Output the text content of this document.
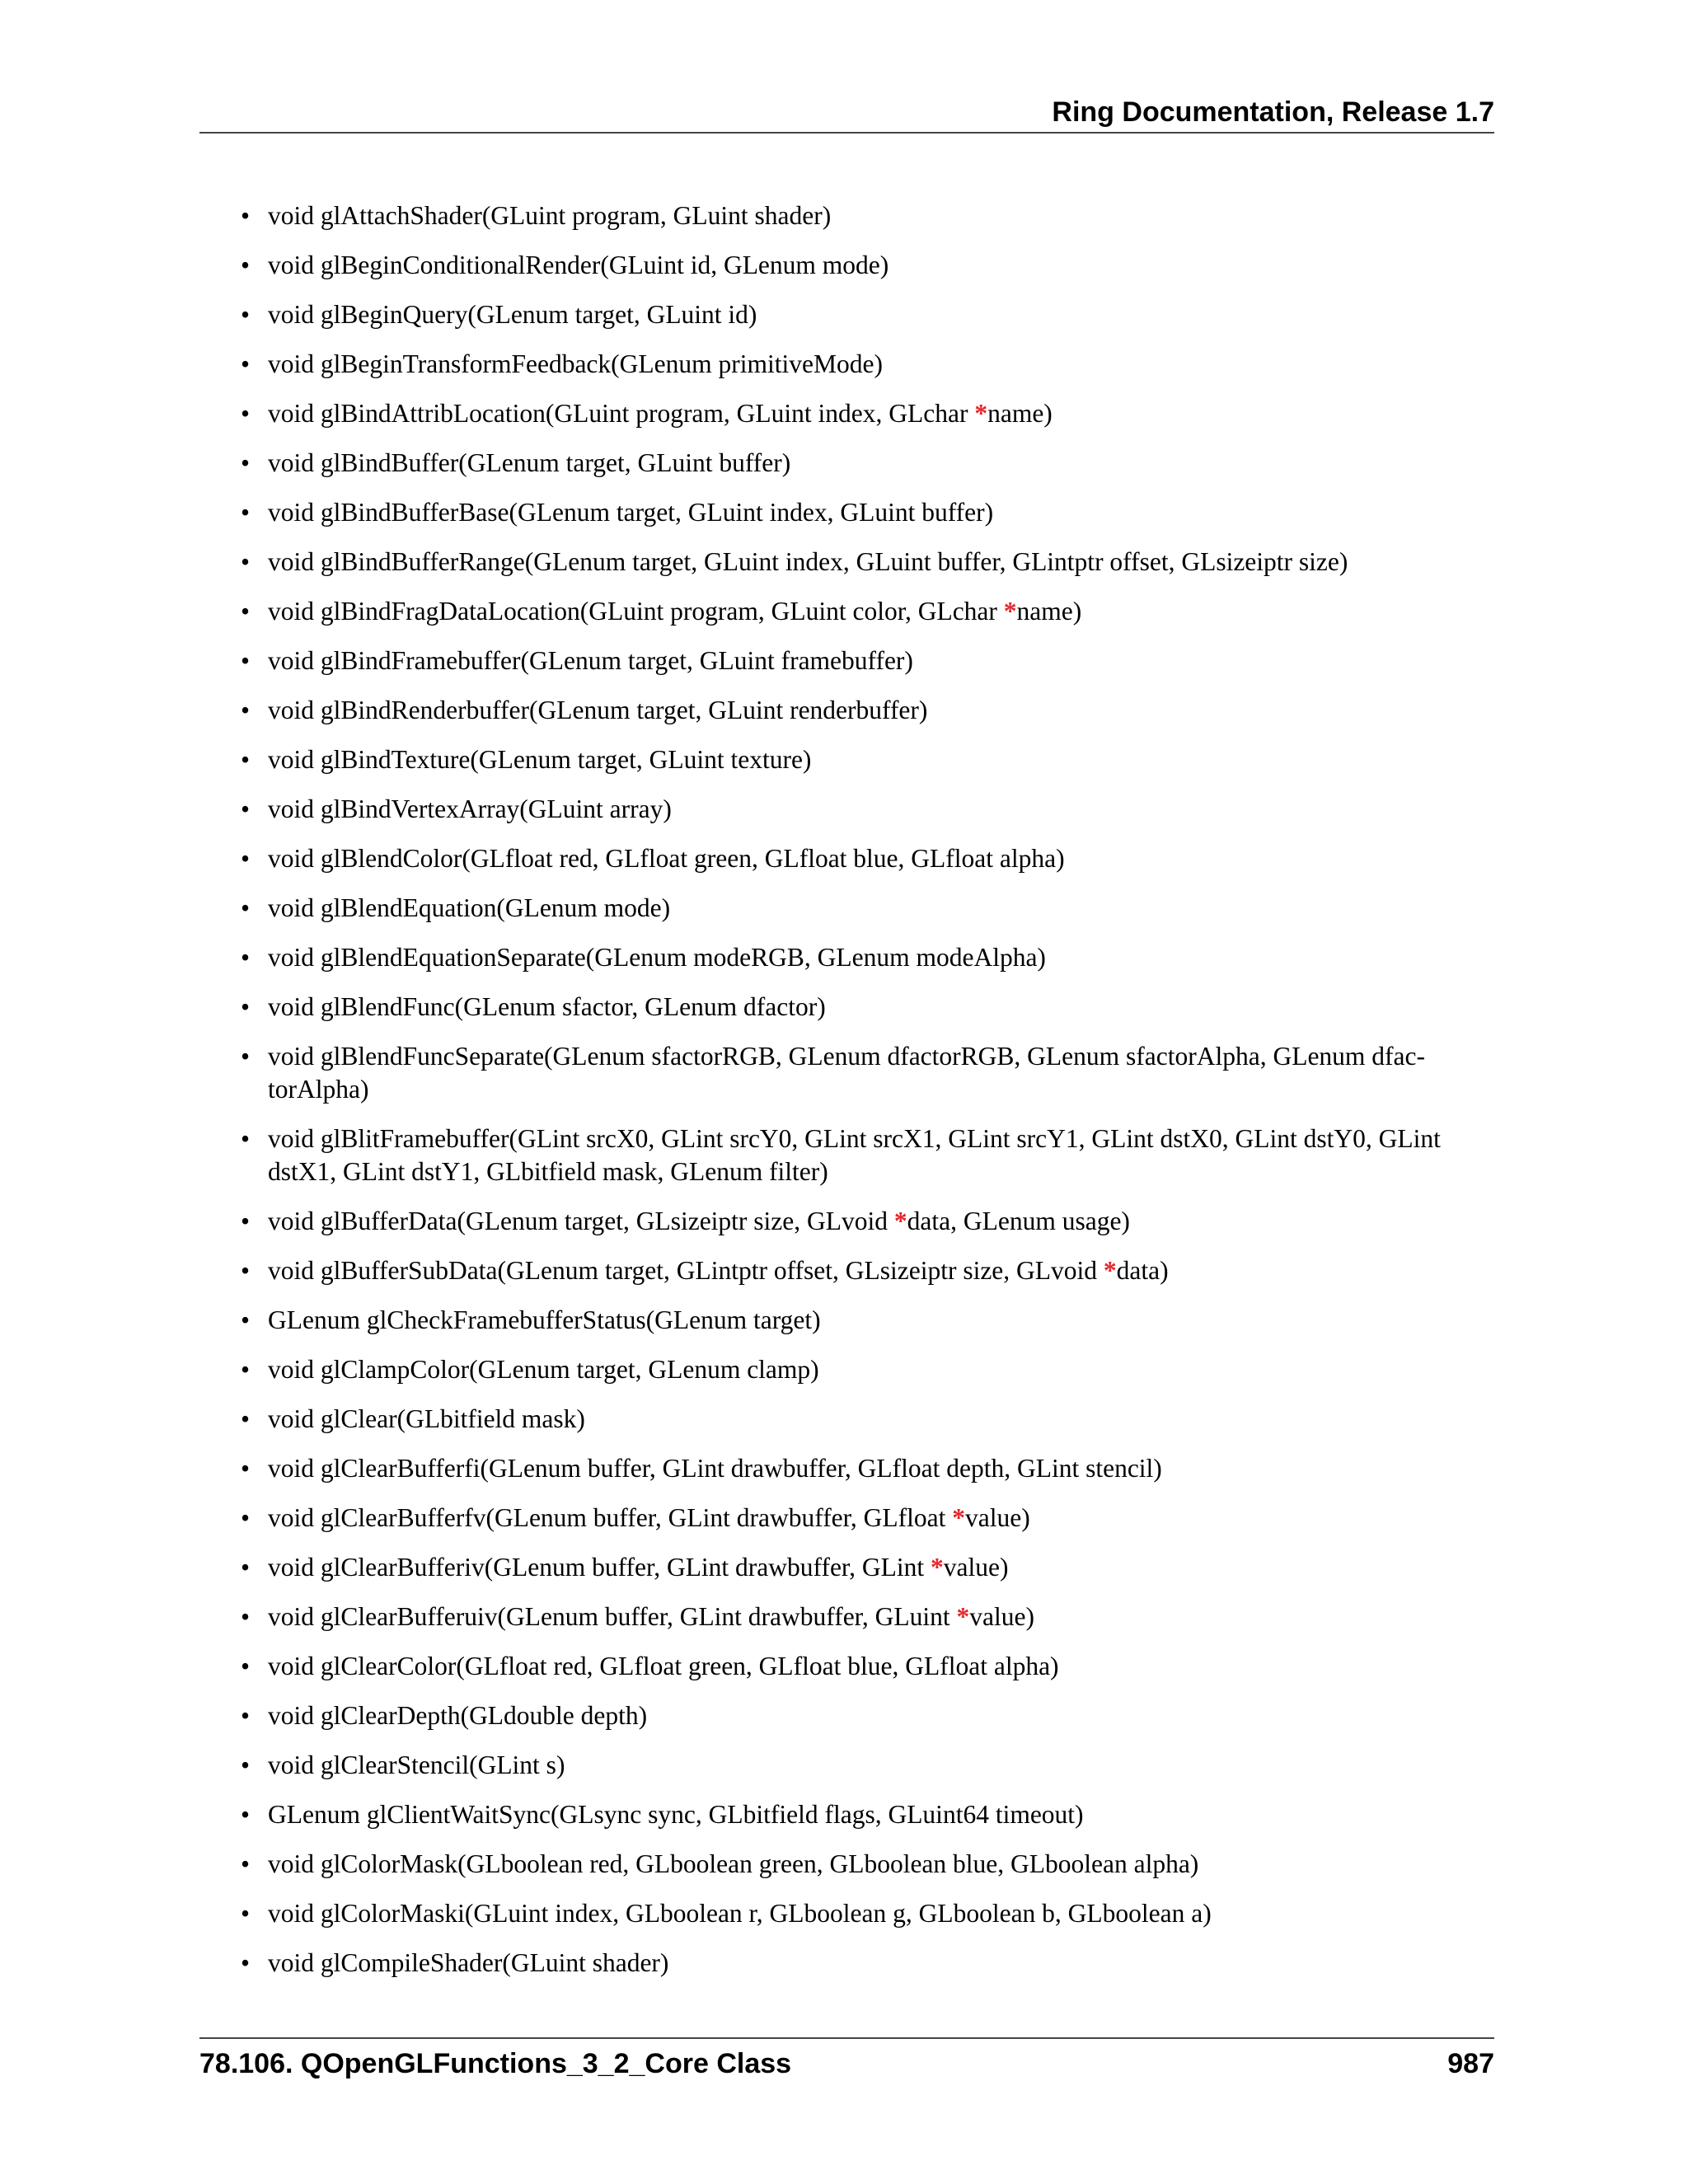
Ring Documentation, Release 1.7
• void glAttachShader(GLuint program, GLuint shader)
• void glBeginConditionalRender(GLuint id, GLenum mode)
• void glBeginQuery(GLenum target, GLuint id)
• void glBeginTransformFeedback(GLenum primitiveMode)
• void glBindAttribLocation(GLuint program, GLuint index, GLchar *name)
• void glBindBuffer(GLenum target, GLuint buffer)
• void glBindBufferBase(GLenum target, GLuint index, GLuint buffer)
• void glBindBufferRange(GLenum target, GLuint index, GLuint buffer, GLintptr offset, GLsizeiptr size)
• void glBindFragDataLocation(GLuint program, GLuint color, GLchar *name)
• void glBindFramebuffer(GLenum target, GLuint framebuffer)
• void glBindRenderbuffer(GLenum target, GLuint renderbuffer)
• void glBindTexture(GLenum target, GLuint texture)
• void glBindVertexArray(GLuint array)
• void glBlendColor(GLfloat red, GLfloat green, GLfloat blue, GLfloat alpha)
• void glBlendEquation(GLenum mode)
• void glBlendEquationSeparate(GLenum modeRGB, GLenum modeAlpha)
• void glBlendFunc(GLenum sfactor, GLenum dfactor)
• void glBlendFuncSeparate(GLenum sfactorRGB, GLenum dfactorRGB, GLenum sfactorAlpha, GLenum dfac-torAlpha)
• void glBlitFramebuffer(GLint srcX0, GLint srcY0, GLint srcX1, GLint srcY1, GLint dstX0, GLint dstY0, GLint dstX1, GLint dstY1, GLbitfield mask, GLenum filter)
• void glBufferData(GLenum target, GLsizeiptr size, GLvoid *data, GLenum usage)
• void glBufferSubData(GLenum target, GLintptr offset, GLsizeiptr size, GLvoid *data)
• GLenum glCheckFramebufferStatus(GLenum target)
• void glClampColor(GLenum target, GLenum clamp)
• void glClear(GLbitfield mask)
• void glClearBufferfi(GLenum buffer, GLint drawbuffer, GLfloat depth, GLint stencil)
• void glClearBufferfv(GLenum buffer, GLint drawbuffer, GLfloat *value)
• void glClearBufferiv(GLenum buffer, GLint drawbuffer, GLint *value)
• void glClearBufferuiv(GLenum buffer, GLint drawbuffer, GLuint *value)
• void glClearColor(GLfloat red, GLfloat green, GLfloat blue, GLfloat alpha)
• void glClearDepth(GLdouble depth)
• void glClearStencil(GLint s)
• GLenum glClientWaitSync(GLsync sync, GLbitfield flags, GLuint64 timeout)
• void glColorMask(GLboolean red, GLboolean green, GLboolean blue, GLboolean alpha)
• void glColorMaski(GLuint index, GLboolean r, GLboolean g, GLboolean b, GLboolean a)
• void glCompileShader(GLuint shader)
78.106. QOpenGLFunctions_3_2_Core Class	987
